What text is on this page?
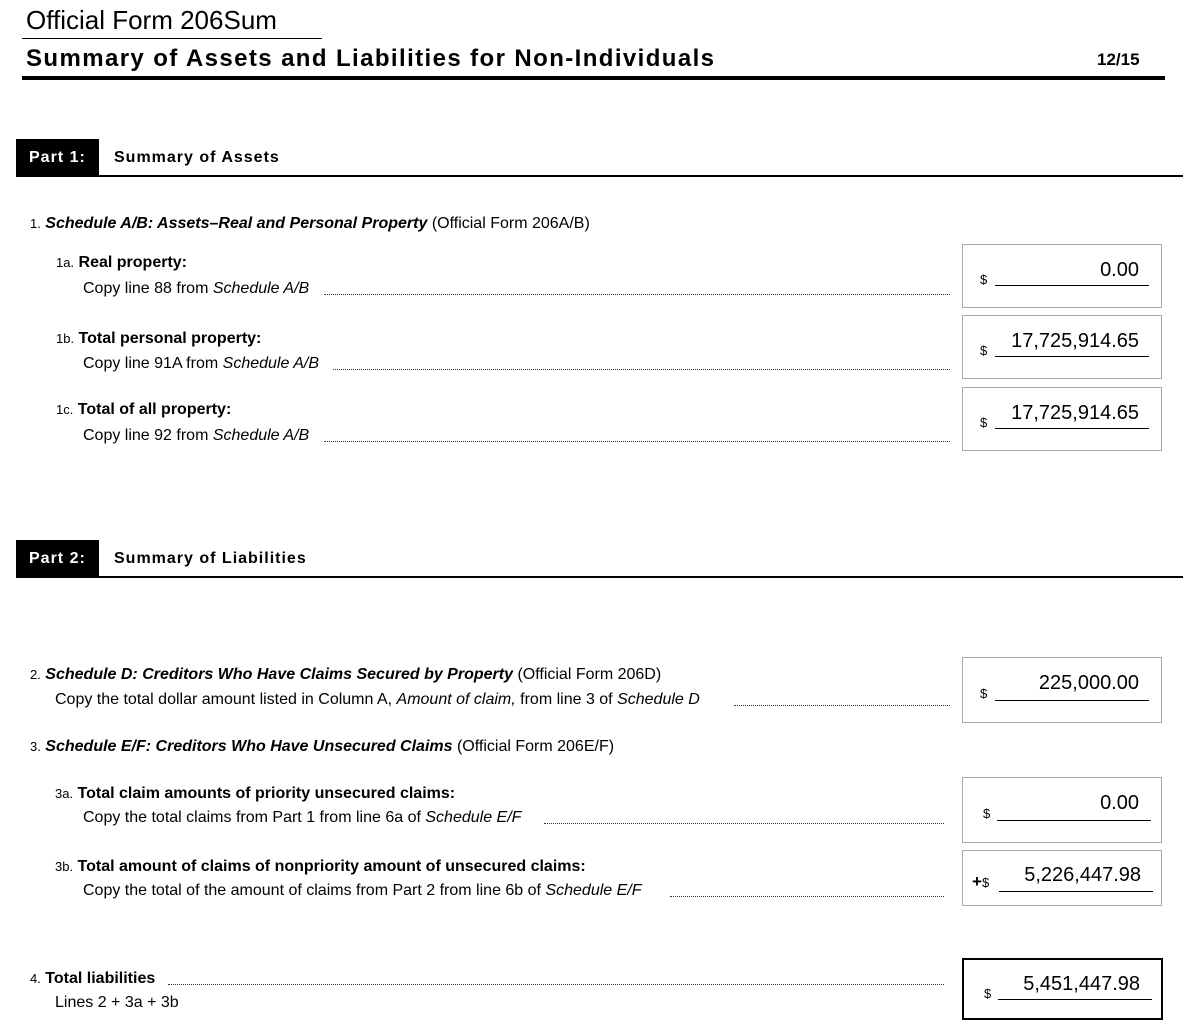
Official Form 206Sum
Summary of Assets and Liabilities for Non-Individuals	12/15
Part 1:	Summary of Assets
1. Schedule A/B: Assets–Real and Personal Property (Official Form 206A/B)
1a. Real property:
Copy line 88 from Schedule A/B
$	0.00
1b. Total personal property:
Copy line 91A from Schedule A/B
$	17,725,914.65
1c. Total of all property:
Copy line 92 from Schedule A/B
$	17,725,914.65
Part 2:	Summary of Liabilities
2. Schedule D: Creditors Who Have Claims Secured by Property (Official Form 206D)
Copy the total dollar amount listed in Column A, Amount of claim, from line 3 of Schedule D	$	225,000.00
3. Schedule E/F: Creditors Who Have Unsecured Claims (Official Form 206E/F)
3a. Total claim amounts of priority unsecured claims:
Copy the total claims from Part 1 from line 6a of Schedule E/F	$	0.00
3b. Total amount of claims of nonpriority amount of unsecured claims:
Copy the total of the amount of claims from Part 2 from line 6b of Schedule E/F	+$	5,226,447.98
4. Total liabilities
Lines 2 + 3a + 3b
$	5,451,447.98
